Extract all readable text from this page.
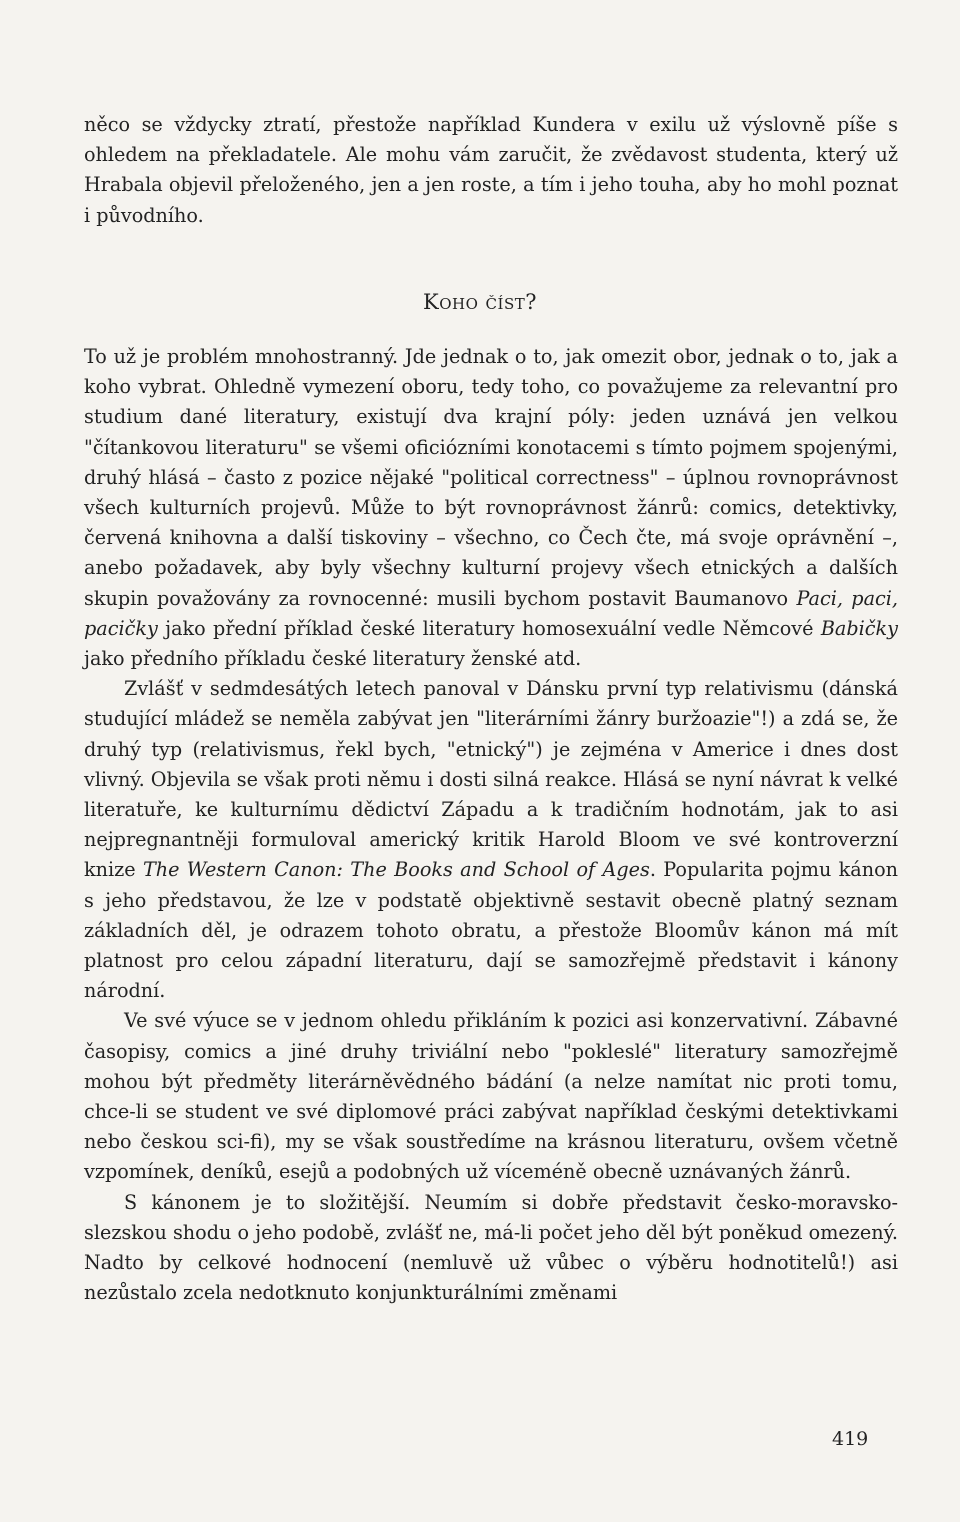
něco se vždycky ztratí, přestože například Kundera v exilu už výslovně píše s ohledem na překladatele. Ale mohu vám zaručit, že zvědavost studenta, který už Hrabala objevil přeloženého, jen a jen roste, a tím i jeho touha, aby ho mohl poznat i původního.

Koho číst?

To už je problém mnohostranný. Jde jednak o to, jak omezit obor, jednak o to, jak a koho vybrat. Ohledně vymezení oboru, tedy toho, co považujeme za relevantní pro studium dané literatury, existují dva krajní póly: jeden uznává jen velkou "čítankovou literaturu" se všemi oficiózními konotacemi s tímto pojmem spojenými, druhý hlásá – často z pozice nějaké "political correctness" – úplnou rovnoprávnost všech kulturních projevů. Může to být rovnoprávnost žánrů: comics, detektivky, červená knihovna a další tiskoviny – všechno, co Čech čte, má svoje oprávnění –, anebo požadavek, aby byly všechny kulturní projevy všech etnických a dalších skupin považovány za rovnocenné: musili bychom postavit Baumanovo Paci, paci, pacičky jako přední příklad české literatury homosexuální vedle Němcové Babičky jako předního příkladu české literatury ženské atd.

Zvlášť v sedmdesátých letech panoval v Dánsku první typ relativismu (dánská studující mládež se neměla zabývat jen "literárními žánry buržoazie"!) a zdá se, že druhý typ (relativismus, řekl bych, "etnický") je zejména v Americe i dnes dost vlivný. Objevila se však proti němu i dosti silná reakce. Hlásá se nyní návrat k velké literatuře, ke kulturnímu dědictví Západu a k tradičním hodnotám, jak to asi nejpregnantněji formuloval americký kritik Harold Bloom ve své kontroverzní knize The Western Canon: The Books and School of Ages. Popularita pojmu kánon s jeho představou, že lze v podstatě objektivně sestavit obecně platný seznam základních děl, je odrazem tohoto obratu, a přestože Bloomův kánon má mít platnost pro celou západní literaturu, dají se samozřejmě představit i kánony národní.

Ve své výuce se v jednom ohledu přikláním k pozici asi konzervativní. Zábavné časopisy, comics a jiné druhy triviální nebo "pokleslé" literatury samozřejmě mohou být předměty literárněvědného bádání (a nelze namítat nic proti tomu, chce-li se student ve své diplomové práci zabývat například českými detektivkami nebo českou sci-fi), my se však soustředíme na krásnou literaturu, ovšem včetně vzpomínek, deníků, esejů a podobných už víceméně obecně uznávaných žánrů.

S kánonem je to složitější. Neumím si dobře představit česko-moravsko-slezskou shodu o jeho podobě, zvlášť ne, má-li počet jeho děl být poněkud omezený. Nadto by celkové hodnocení (nemluvě už vůbec o výběru hodnotitelů!) asi nezůstalo zcela nedotknuto konjunkturálními změnami

419
